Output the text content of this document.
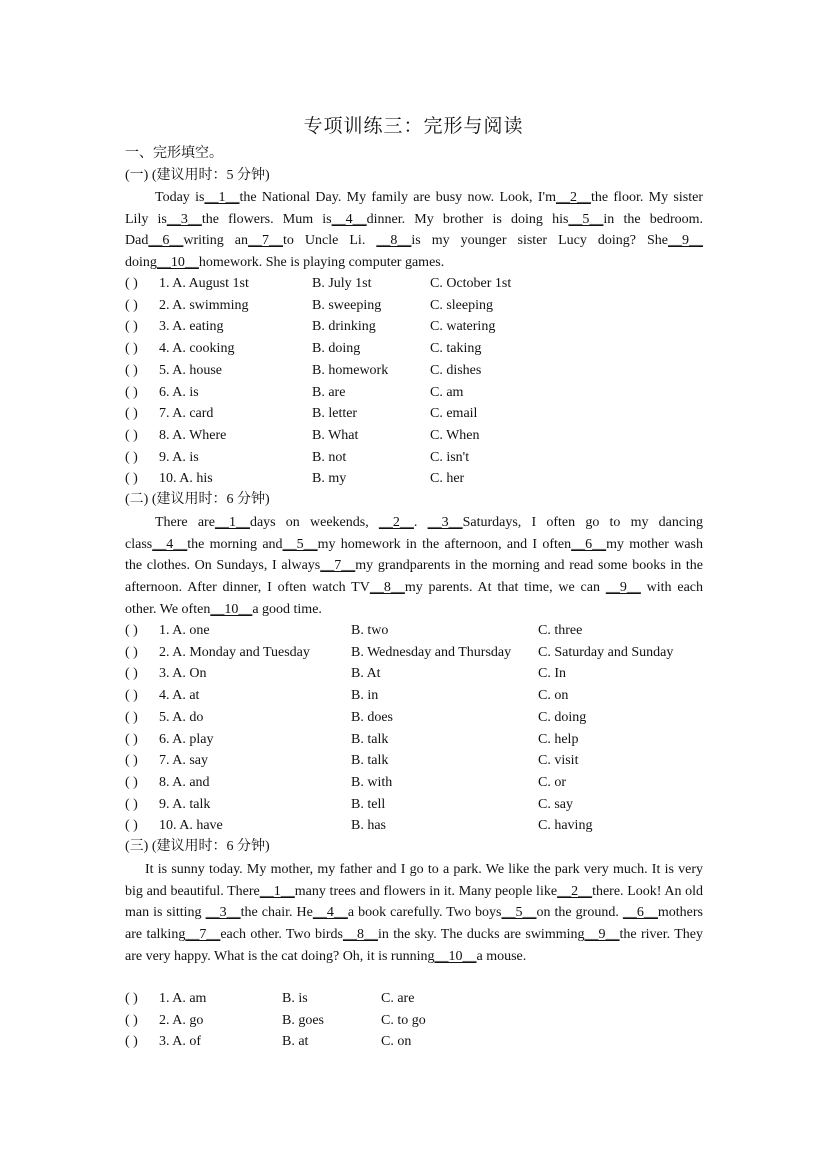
专项训练三：完形与阅读
一、完形填空。
(一) (建议用时：5 分钟)
Today is__1__the National Day. My family are busy now. Look, I'm__2__the floor. My sister Lily is__3__the flowers. Mum is__4__dinner. My brother is doing his__5__in the bedroom. Dad__6__writing an__7__to Uncle Li. __8__is my younger sister Lucy doing? She__9__ doing__10__homework. She is playing computer games.
( ) 1. A. August 1st	B. July 1st	C. October 1st
( ) 2. A. swimming	B. sweeping	C. sleeping
( ) 3. A. eating	B. drinking	C. watering
( ) 4. A. cooking	B. doing	C. taking
( ) 5. A. house	B. homework	C. dishes
( ) 6. A. is	B. are	C. am
( ) 7. A. card	B. letter	C. email
( ) 8. A. Where	B. What	C. When
( ) 9. A. is	B. not	C. isn't
( ) 10. A. his	B. my	C. her
(二) (建议用时：6 分钟)
There are__1__days on weekends, __2__. __3__Saturdays, I often go to my dancing class__4__the morning and__5__my homework in the afternoon, and I often__6__my mother wash the clothes. On Sundays, I always__7__my grandparents in the morning and read some books in the afternoon. After dinner, I often watch TV__8__my parents. At that time, we can __9__ with each other. We often__10__a good time.
( ) 1. A. one	B. two	C. three
( ) 2. A. Monday and Tuesday	B. Wednesday and Thursday C. Saturday and Sunday
( ) 3. A. On	B. At	C. In
( ) 4. A. at	B. in	C. on
( ) 5. A. do	B. does	C. doing
( ) 6. A. play	B. talk	C. help
( ) 7. A. say	B. talk	C. visit
( ) 8. A. and	B. with	C. or
( ) 9. A. talk	B. tell	C. say
( ) 10. A. have	B. has	C. having
(三) (建议用时：6 分钟)
It is sunny today. My mother, my father and I go to a park. We like the park very much. It is very big and beautiful. There__1__many trees and flowers in it. Many people like__2__there. Look! An old man is sitting __3__the chair. He__4__a book carefully. Two boys__5__on the ground. __6__mothers are talking__7__each other. Two birds__8__in the sky. The ducks are swimming__9__the river. They are very happy. What is the cat doing? Oh, it is running__10__a mouse.
( ) 1. A. am	B. is	C. are
( ) 2. A. go	B. goes	C. to go
( ) 3. A. of	B. at	C. on
